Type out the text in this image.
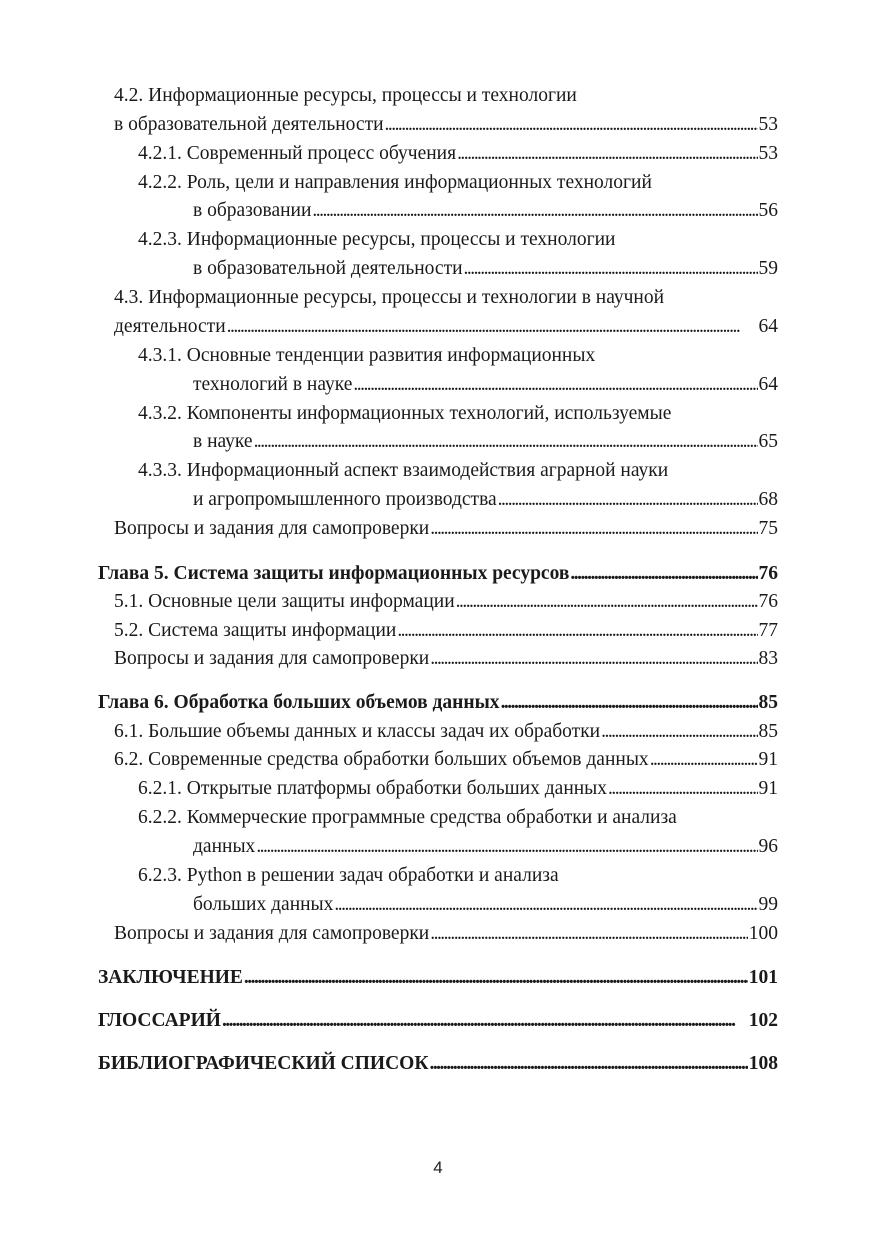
4.2. Информационные ресурсы, процессы и технологии
в образовательной деятельности . . .	53
4.2.1. Современный процесс обучения . . .	53
4.2.2. Роль, цели и направления информационных технологий
в образовании . . .	56
4.2.3. Информационные ресурсы, процессы и технологии
в образовательной деятельности . . .	59
4.3. Информационные ресурсы, процессы и технологии в научной
деятельности . . .	64
4.3.1. Основные тенденции развития информационных
технологий в науке . . .	64
4.3.2. Компоненты информационных технологий, используемые
в науке . . .	65
4.3.3. Информационный аспект взаимодействия аграрной науки
и агропромышленного производства . . .	68
Вопросы и задания для самопроверки . . .	75
Глава 5. Система защиты информационных ресурсов . . .	76
5.1. Основные цели защиты информации . . .	76
5.2. Система защиты информации . . .	77
Вопросы и задания для самопроверки . . .	83
Глава 6. Обработка больших объемов данных . . .	85
6.1. Большие объемы данных и классы задач их обработки . . .	85
6.2. Современные средства обработки больших объемов данных . . .	91
6.2.1. Открытые платформы обработки больших данных . . .	91
6.2.2. Коммерческие программные средства обработки и анализа
данных . . .	96
6.2.3. Python в решении задач обработки и анализа
больших данных . . .	99
Вопросы и задания для самопроверки . . .	100
ЗАКЛЮЧЕНИЕ . . .	101
ГЛОССАРИЙ . . .	102
БИБЛИОГРАФИЧЕСКИЙ СПИСОК . . .	108
4
